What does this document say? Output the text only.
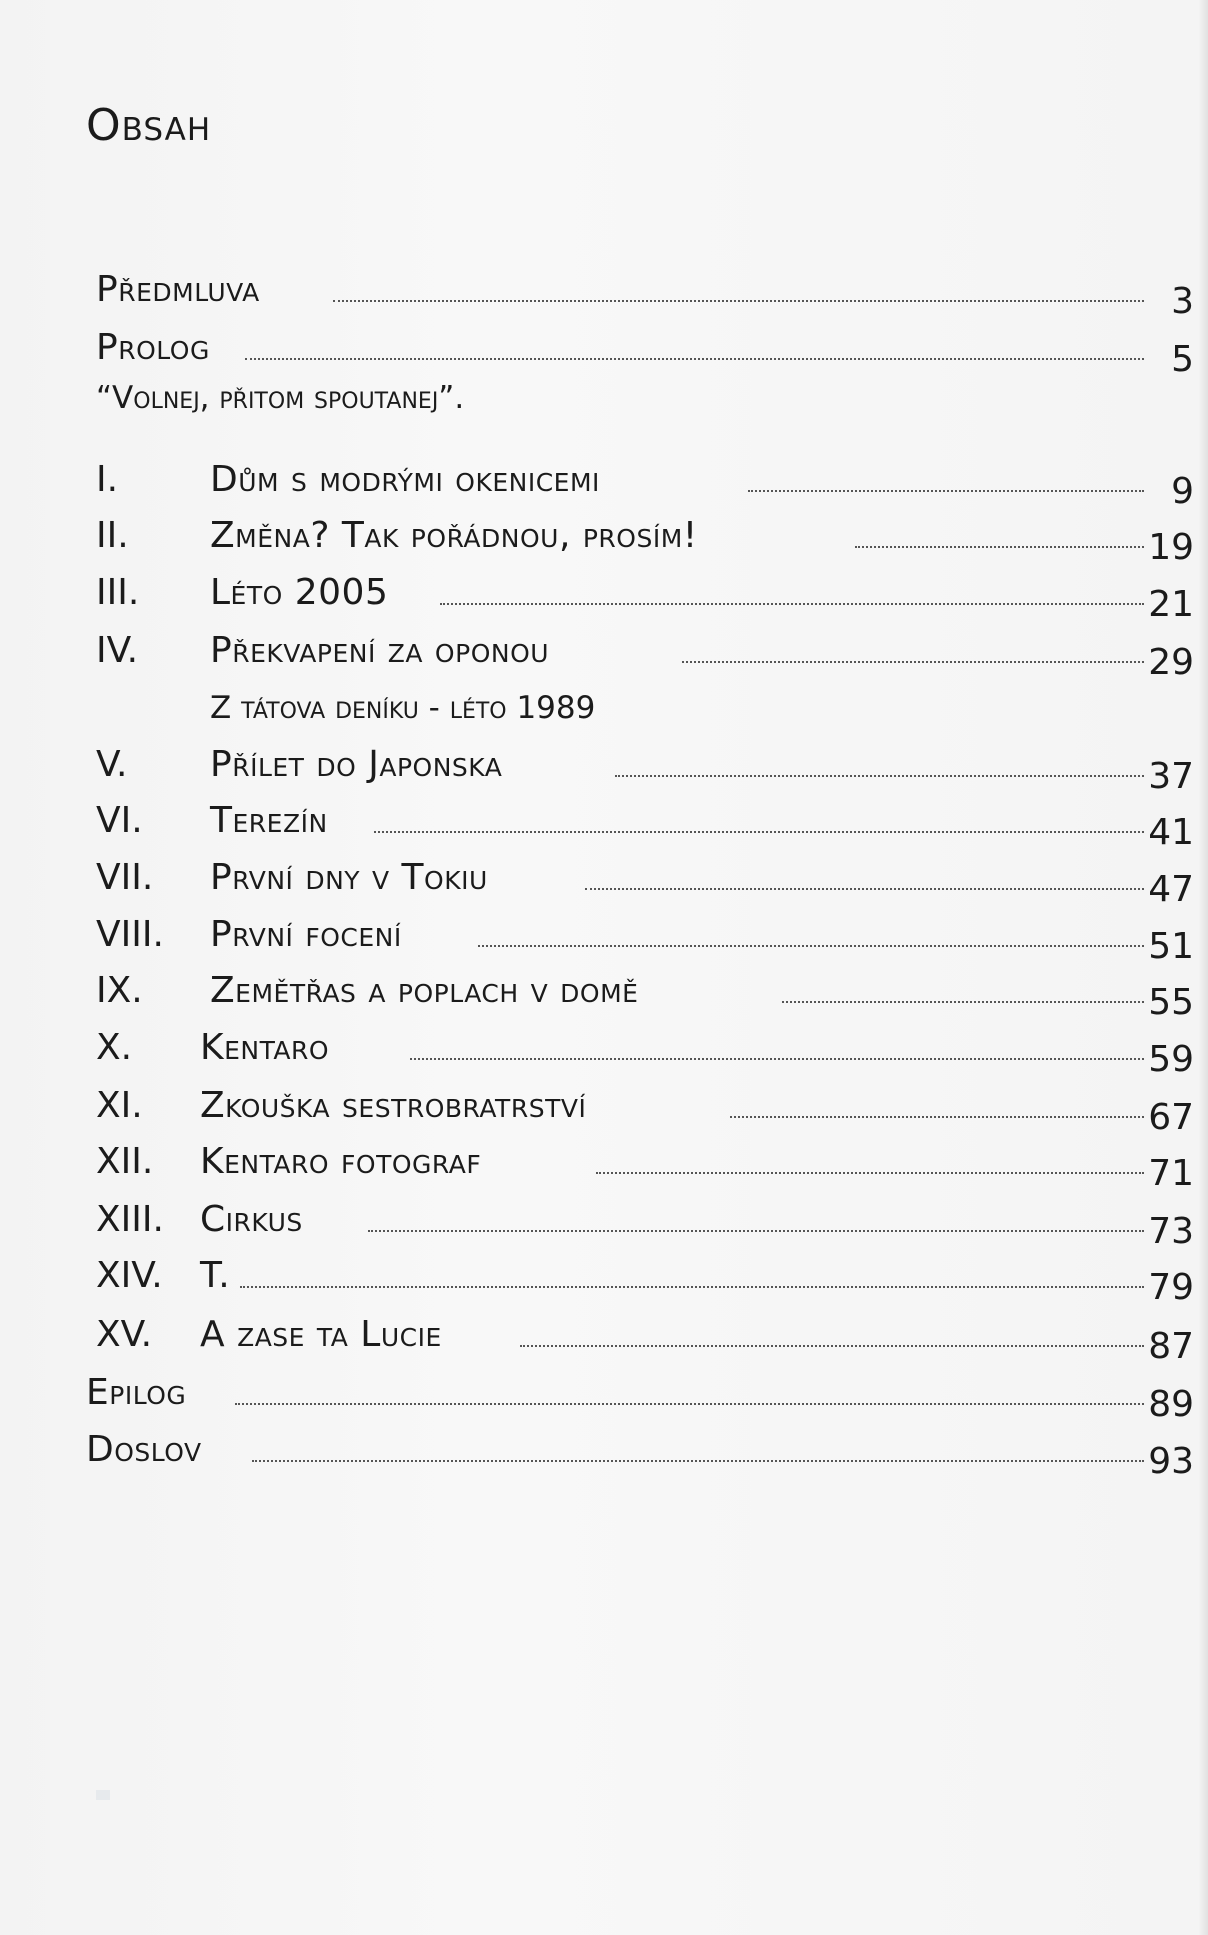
Obsah
Předmluva	3
Prolog	5
“Volnej, přitom spoutanej”.
I.	Dům s modrými okenicemi	9
II. Změna? Tak pořádnou, prosím!	19
III. Léto 2005	21
IV. Překvapení za oponou	29
Z tátova deníku - léto 1989
V. Přílet do Japonska	37
VI. Terezín	41
VII. První dny v Tokiu	47
VIII. První focení	51
IX. Zemětřas a poplach v domě	55
X. Kentaro	59
XI. Zkouška sestrobratrství	67
XII. Kentaro fotograf	71
XIII. Cirkus	73
XIV. T.	79
XV. A zase ta Lucie	87
Epilog	89
Doslov	93
